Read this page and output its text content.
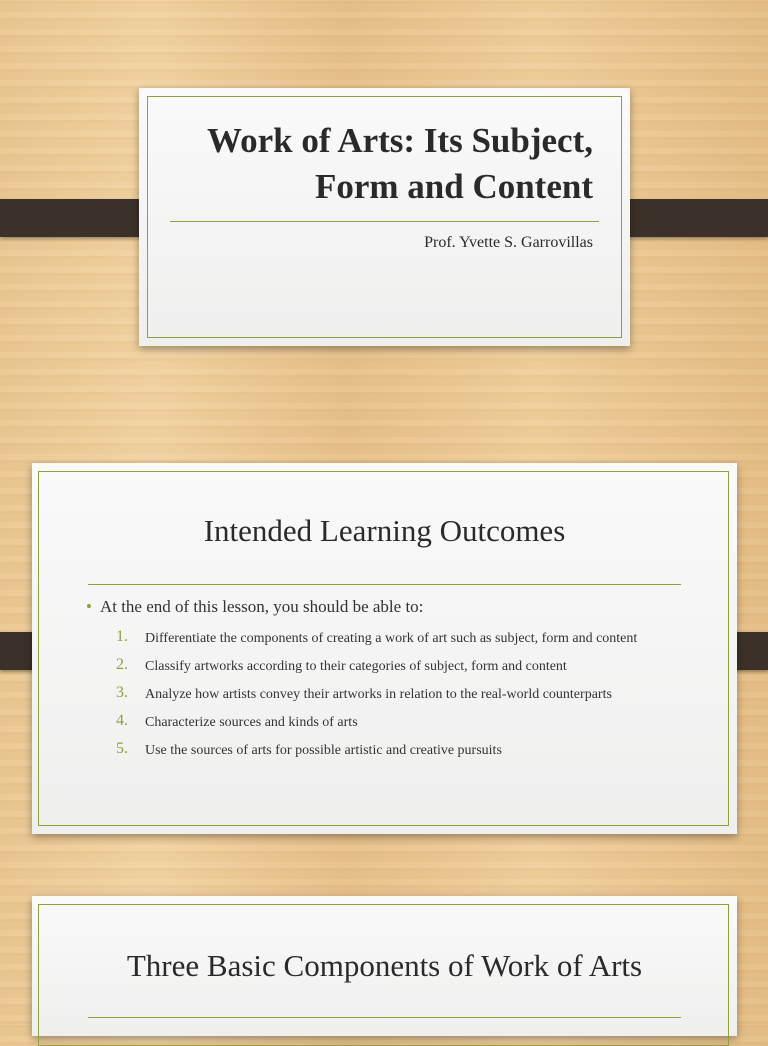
Work of Arts: Its Subject, Form and Content
Prof. Yvette S. Garrovillas
Intended Learning Outcomes
• At the end of this lesson, you should be able to:
1. Differentiate the components of creating a work of art such as subject, form and content
2. Classify artworks according to their categories of subject, form and content
3. Analyze how artists convey their artworks in relation to the real-world counterparts
4. Characterize sources and kinds of arts
5. Use the sources of arts for possible artistic and creative pursuits
Three Basic Components of Work of Arts
